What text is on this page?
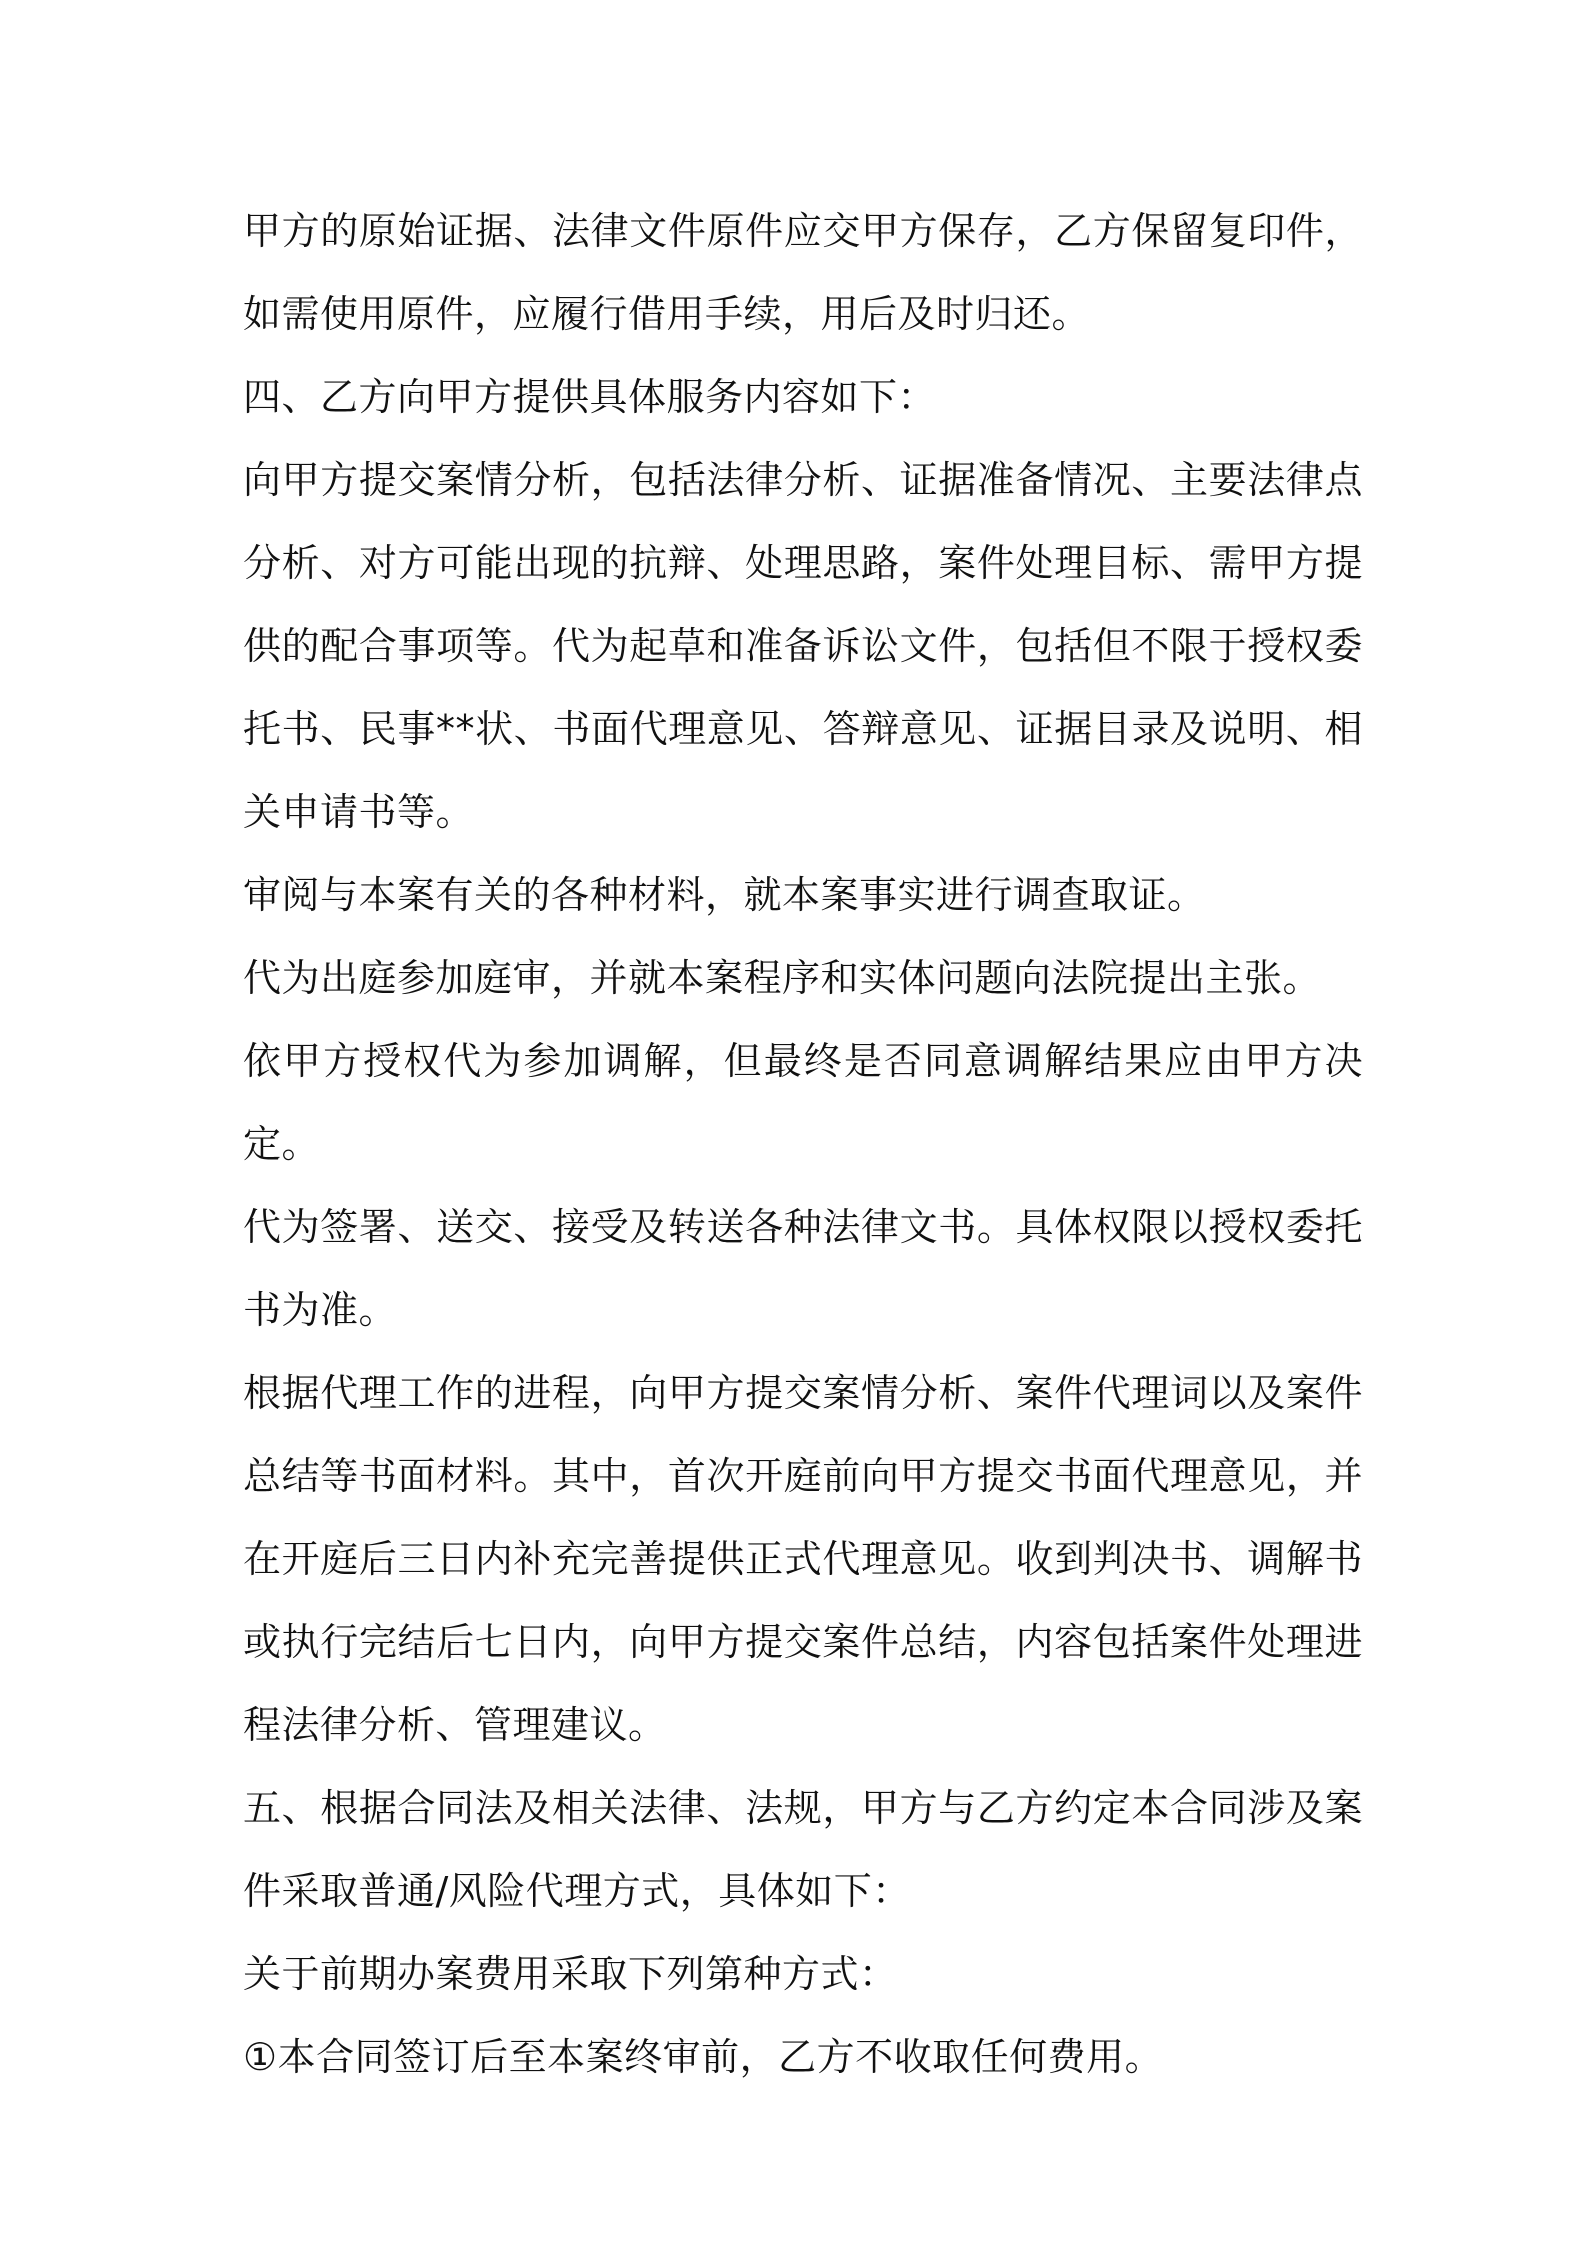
甲方的原始证据、法律文件原件应交甲方保存，乙方保留复印件，如需使用原件，应履行借用手续，用后及时归还。

四、乙方向甲方提供具体服务内容如下：

向甲方提交案情分析，包括法律分析、证据准备情况、主要法律点分析、对方可能出现的抗辩、处理思路，案件处理目标、需甲方提供的配合事项等。代为起草和准备诉讼文件，包括但不限于授权委托书、民事**状、书面代理意见、答辩意见、证据目录及说明、相关申请书等。

审阅与本案有关的各种材料，就本案事实进行调查取证。

代为出庭参加庭审，并就本案程序和实体问题向法院提出主张。

依甲方授权代为参加调解，但最终是否同意调解结果应由甲方决定。

代为签署、送交、接受及转送各种法律文书。具体权限以授权委托书为准。

根据代理工作的进程，向甲方提交案情分析、案件代理词以及案件总结等书面材料。其中，首次开庭前向甲方提交书面代理意见，并在开庭后三日内补充完善提供正式代理意见。收到判决书、调解书或执行完结后七日内，向甲方提交案件总结，内容包括案件处理进程法律分析、管理建议。

五、根据合同法及相关法律、法规，甲方与乙方约定本合同涉及案件采取普通/风险代理方式，具体如下：

关于前期办案费用采取下列第种方式：

①本合同签订后至本案终审前，乙方不收取任何费用。
